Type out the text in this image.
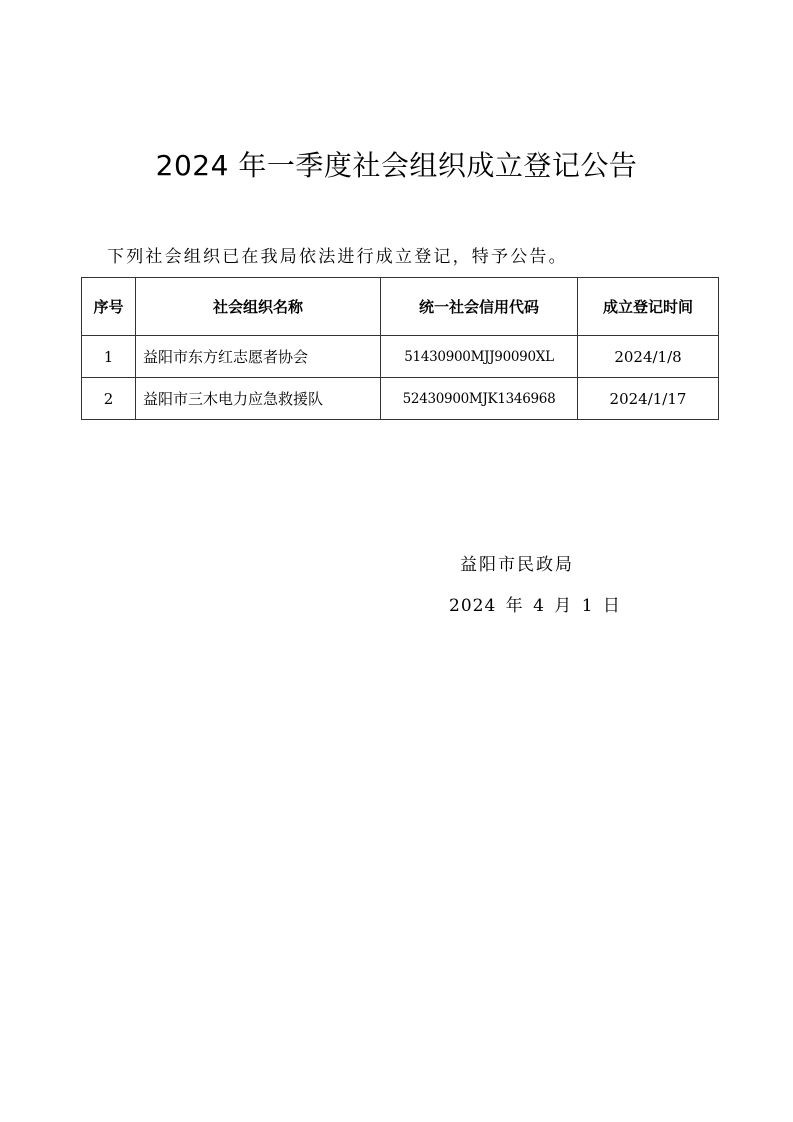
2024 年一季度社会组织成立登记公告
下列社会组织已在我局依法进行成立登记，特予公告。
序号	社会组织名称	统一社会信用代码	成立登记时间
1	益阳市东方红志愿者协会	51430900MJJ90090XL	2024/1/8
2	益阳市三木电力应急救援队	52430900MJK1346968	2024/1/17
益阳市民政局
2024 年 4 月 1 日
